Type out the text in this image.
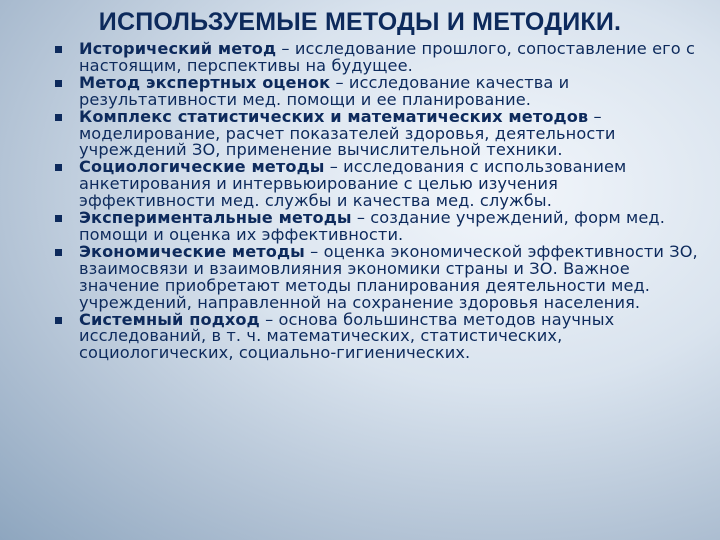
ИСПОЛЬЗУЕМЫЕ МЕТОДЫ И МЕТОДИКИ.
Исторический метод – исследование прошлого, сопоставление его с настоящим, перспективы на будущее.
Метод экспертных оценок – исследование качества и результативности мед. помощи и ее планирование.
Комплекс статистических и математических методов – моделирование, расчет показателей здоровья, деятельности учреждений ЗО, применение вычислительной техники.
Социологические методы – исследования с использованием анкетирования и интервьюирование с целью изучения эффективности мед. службы и качества мед. службы.
Экспериментальные методы – создание учреждений, форм мед. помощи и оценка их эффективности.
Экономические методы – оценка экономической эффективности ЗО, взаимосвязи и взаимовлияния экономики страны и ЗО. Важное значение приобретают методы планирования деятельности мед. учреждений, направленной на сохранение здоровья населения.
Системный подход – основа большинства методов научных исследований, в т. ч. математических, статистических, социологических, социально-гигиенических.
